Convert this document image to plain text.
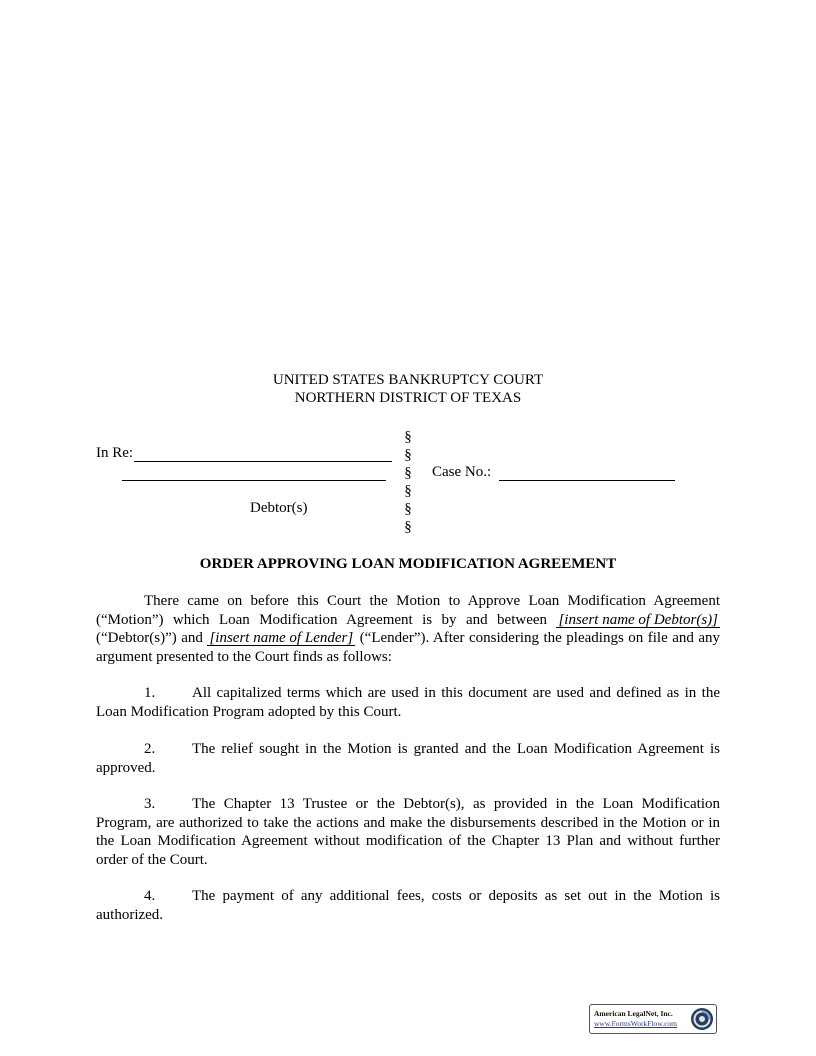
UNITED STATES BANKRUPTCY COURT
NORTHERN DISTRICT OF TEXAS
In Re:
Debtor(s)
§
§
§
§
§
§
Case No.:
ORDER APPROVING LOAN MODIFICATION AGREEMENT
There came on before this Court the Motion to Approve Loan Modification Agreement (“Motion”) which Loan Modification Agreement is by and between [insert name of Debtor(s)] (“Debtor(s)”) and [insert name of Lender] (“Lender”). After considering the pleadings on file and any argument presented to the Court finds as follows:
1. All capitalized terms which are used in this document are used and defined as in the Loan Modification Program adopted by this Court.
2. The relief sought in the Motion is granted and the Loan Modification Agreement is approved.
3. The Chapter 13 Trustee or the Debtor(s), as provided in the Loan Modification Program, are authorized to take the actions and make the disbursements described in the Motion or in the Loan Modification Agreement without modification of the Chapter 13 Plan and without further order of the Court.
4. The payment of any additional fees, costs or deposits as set out in the Motion is authorized.
American LegalNet, Inc.
www.FormsWorkFlow.com
